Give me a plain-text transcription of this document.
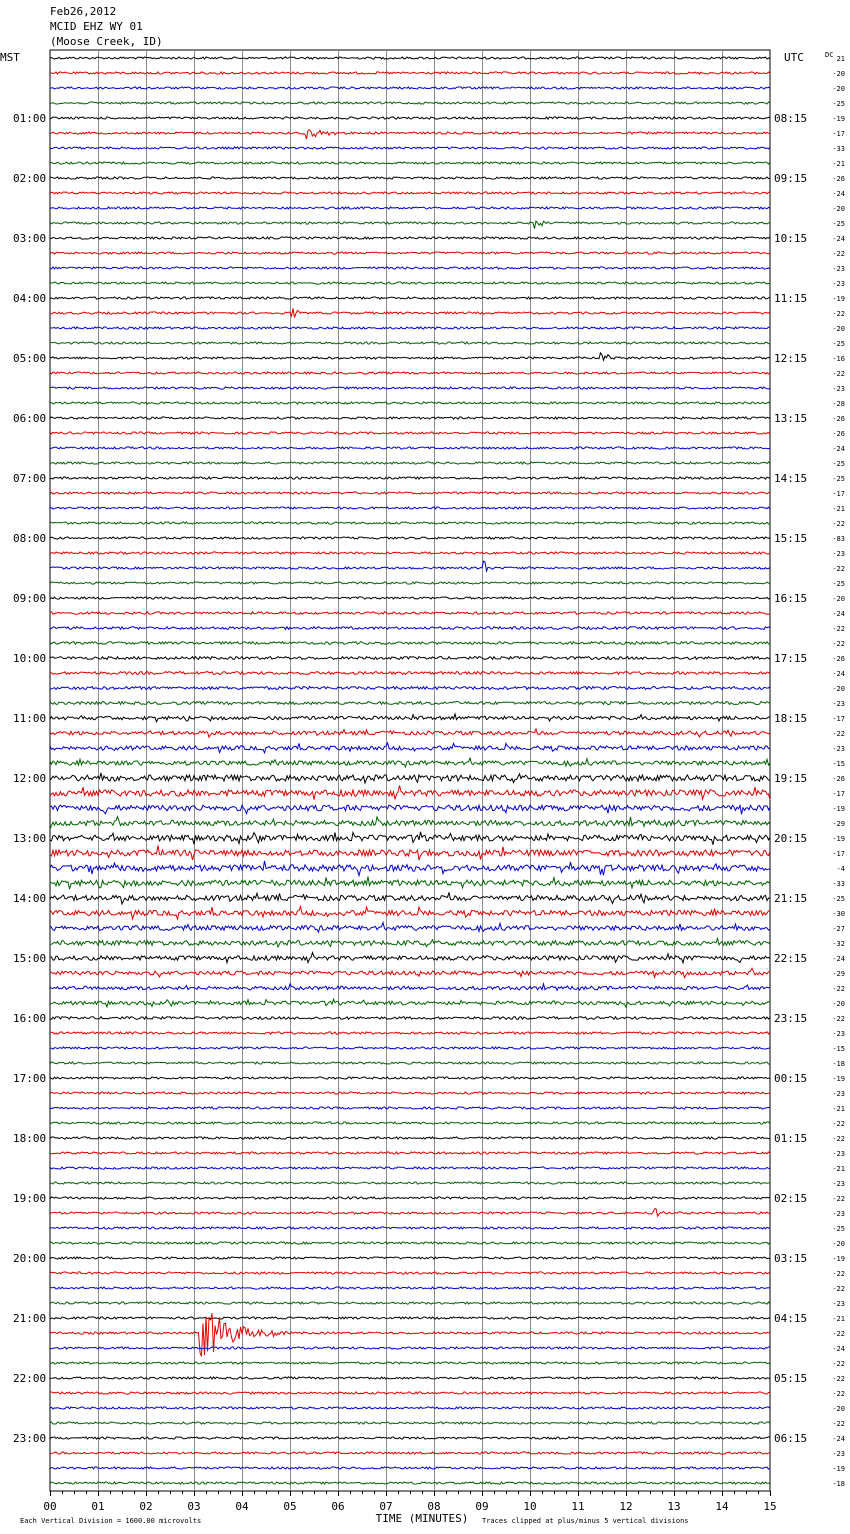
Feb26,2012
MCID EHZ WY 01
(Moose Creek, ID)
MST	UTC	DC
01:00
02:00
03:00
04:00
05:00
06:00
07:00
08:00
09:00
10:00
11:00
12:00
13:00
14:00
15:00
16:00
17:00
18:00
19:00
20:00
21:00
22:00
23:00
08:15
09:15
10:15
11:15
12:15
13:15
14:15
15:15
16:15
17:15
18:15
19:15
20:15
21:15
22:15
23:15
00:15
01:15
02:15
03:15
04:15
05:15
06:15
21
-20
-20
-25
-19
-17
-33
-21
-26
-24
-20
-25
-24
-22
-23
-23
-19
-22
-20
-25
-16
-22
-23
-28
-26
-26
-24
-25
-25
-17
-21
-22
-83
-23
-22
-25
-20
-24
-22
-22
-26
-24
-20
-23
-17
-22
-23
-15
-26
-17
-19
-29
-19
-17
-4
-33
-25
-30
-27
-32
-24
-29
-22
-20
-22
-23
-15
-18
-19
-23
-21
-22
-22
-23
-21
-23
-22
-23
-25
-20
-19
-22
-22
-23
-21
-22
-24
-22
-22
-22
-20
-22
-24
-23
-19
-18
00	01	02	03	04	05	06	07	08	09	10	11	12	13	14	15
TIME (MINUTES)
Each Vertical Division = 1600.00 microvolts	Traces clipped at plus/minus 5 vertical divisions
